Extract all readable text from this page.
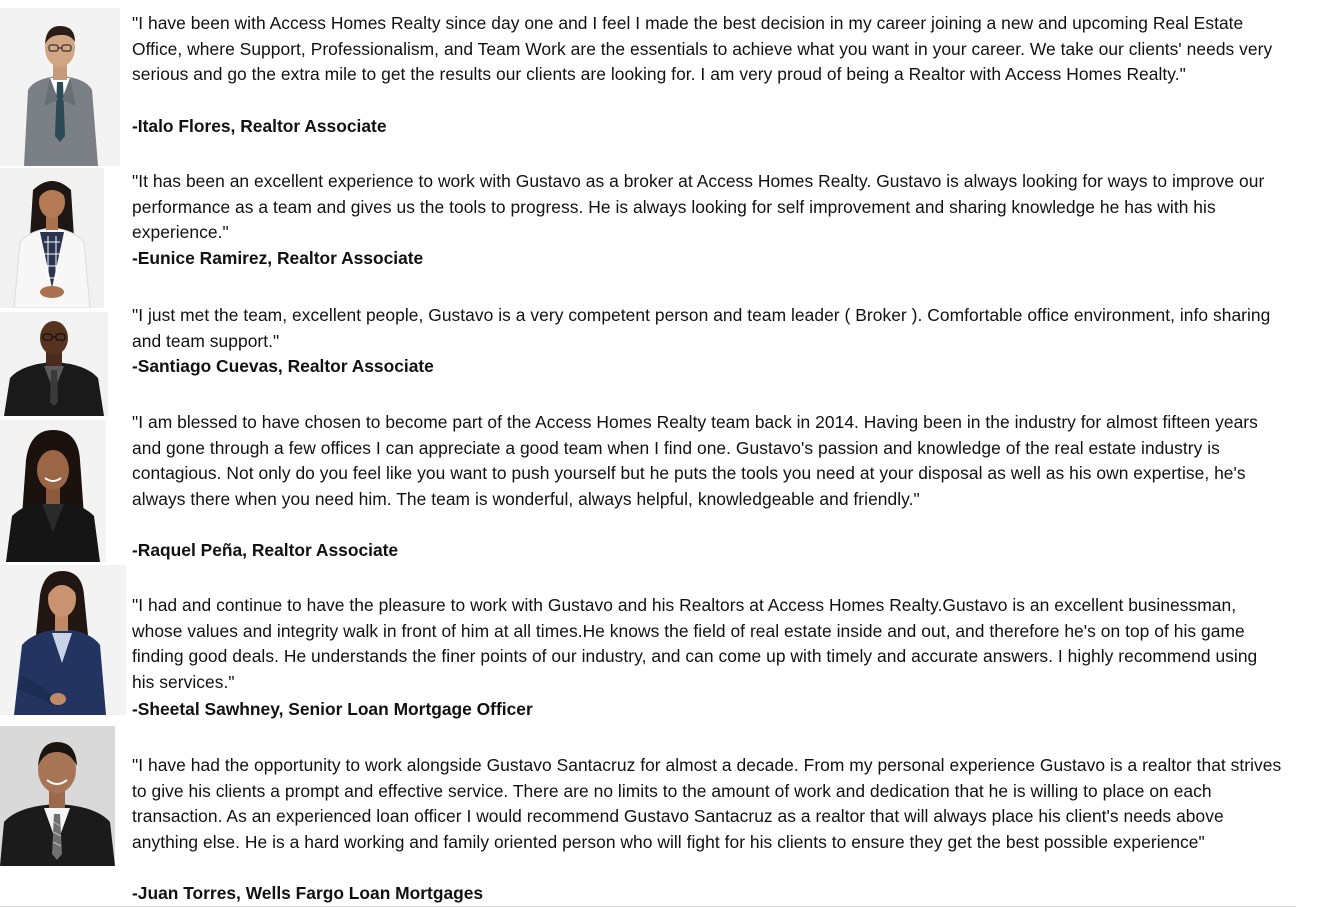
"I have been with Access Homes Realty since day one and I feel I made the best decision in my career joining a new and upcoming Real Estate Office, where Support, Professionalism, and Team Work are the essentials to achieve what you want in your career. We take our clients' needs very serious and go the extra mile to get the results our clients are looking for. I am very proud of being a Realtor with Access Homes Realty."

-Italo Flores, Realtor Associate

"It has been an excellent experience to work with Gustavo as a broker at Access Homes Realty. Gustavo is always looking for ways to improve our performance as a team and gives us the tools to progress. He is always looking for self improvement and sharing knowledge he has with his experience."

-Eunice Ramirez, Realtor Associate

"I just met the team, excellent people, Gustavo is a very competent person and team leader ( Broker ). Comfortable office environment, info sharing and team support."

-Santiago Cuevas, Realtor Associate

"I am blessed to have chosen to become part of the Access Homes Realty team back in 2014. Having been in the industry for almost fifteen years and gone through a few offices I can appreciate a good team when I find one. Gustavo's passion and knowledge of the real estate industry is contagious. Not only do you feel like you want to push yourself but he puts the tools you need at your disposal as well as his own expertise, he's always there when you need him. The team is wonderful, always helpful, knowledgeable and friendly."

-Raquel Peña, Realtor Associate

"I had and continue to have the pleasure to work with Gustavo and his Realtors at Access Homes Realty.Gustavo is an excellent businessman, whose values and integrity walk in front of him at all times.He knows the field of real estate inside and out, and therefore he's on top of his game finding good deals. He understands the finer points of our industry, and can come up with timely and accurate answers. I highly recommend using his services."

-Sheetal Sawhney, Senior Loan Mortgage Officer

"I have had the opportunity to work alongside Gustavo Santacruz for almost a decade. From my personal experience Gustavo is a realtor that strives to give his clients a prompt and effective service. There are no limits to the amount of work and dedication that he is willing to place on each transaction. As an experienced loan officer I would recommend Gustavo Santacruz as a realtor that will always place his client's needs above anything else. He is a hard working and family oriented person who will fight for his clients to ensure they get the best possible experience"

-Juan Torres, Wells Fargo Loan Mortgages
